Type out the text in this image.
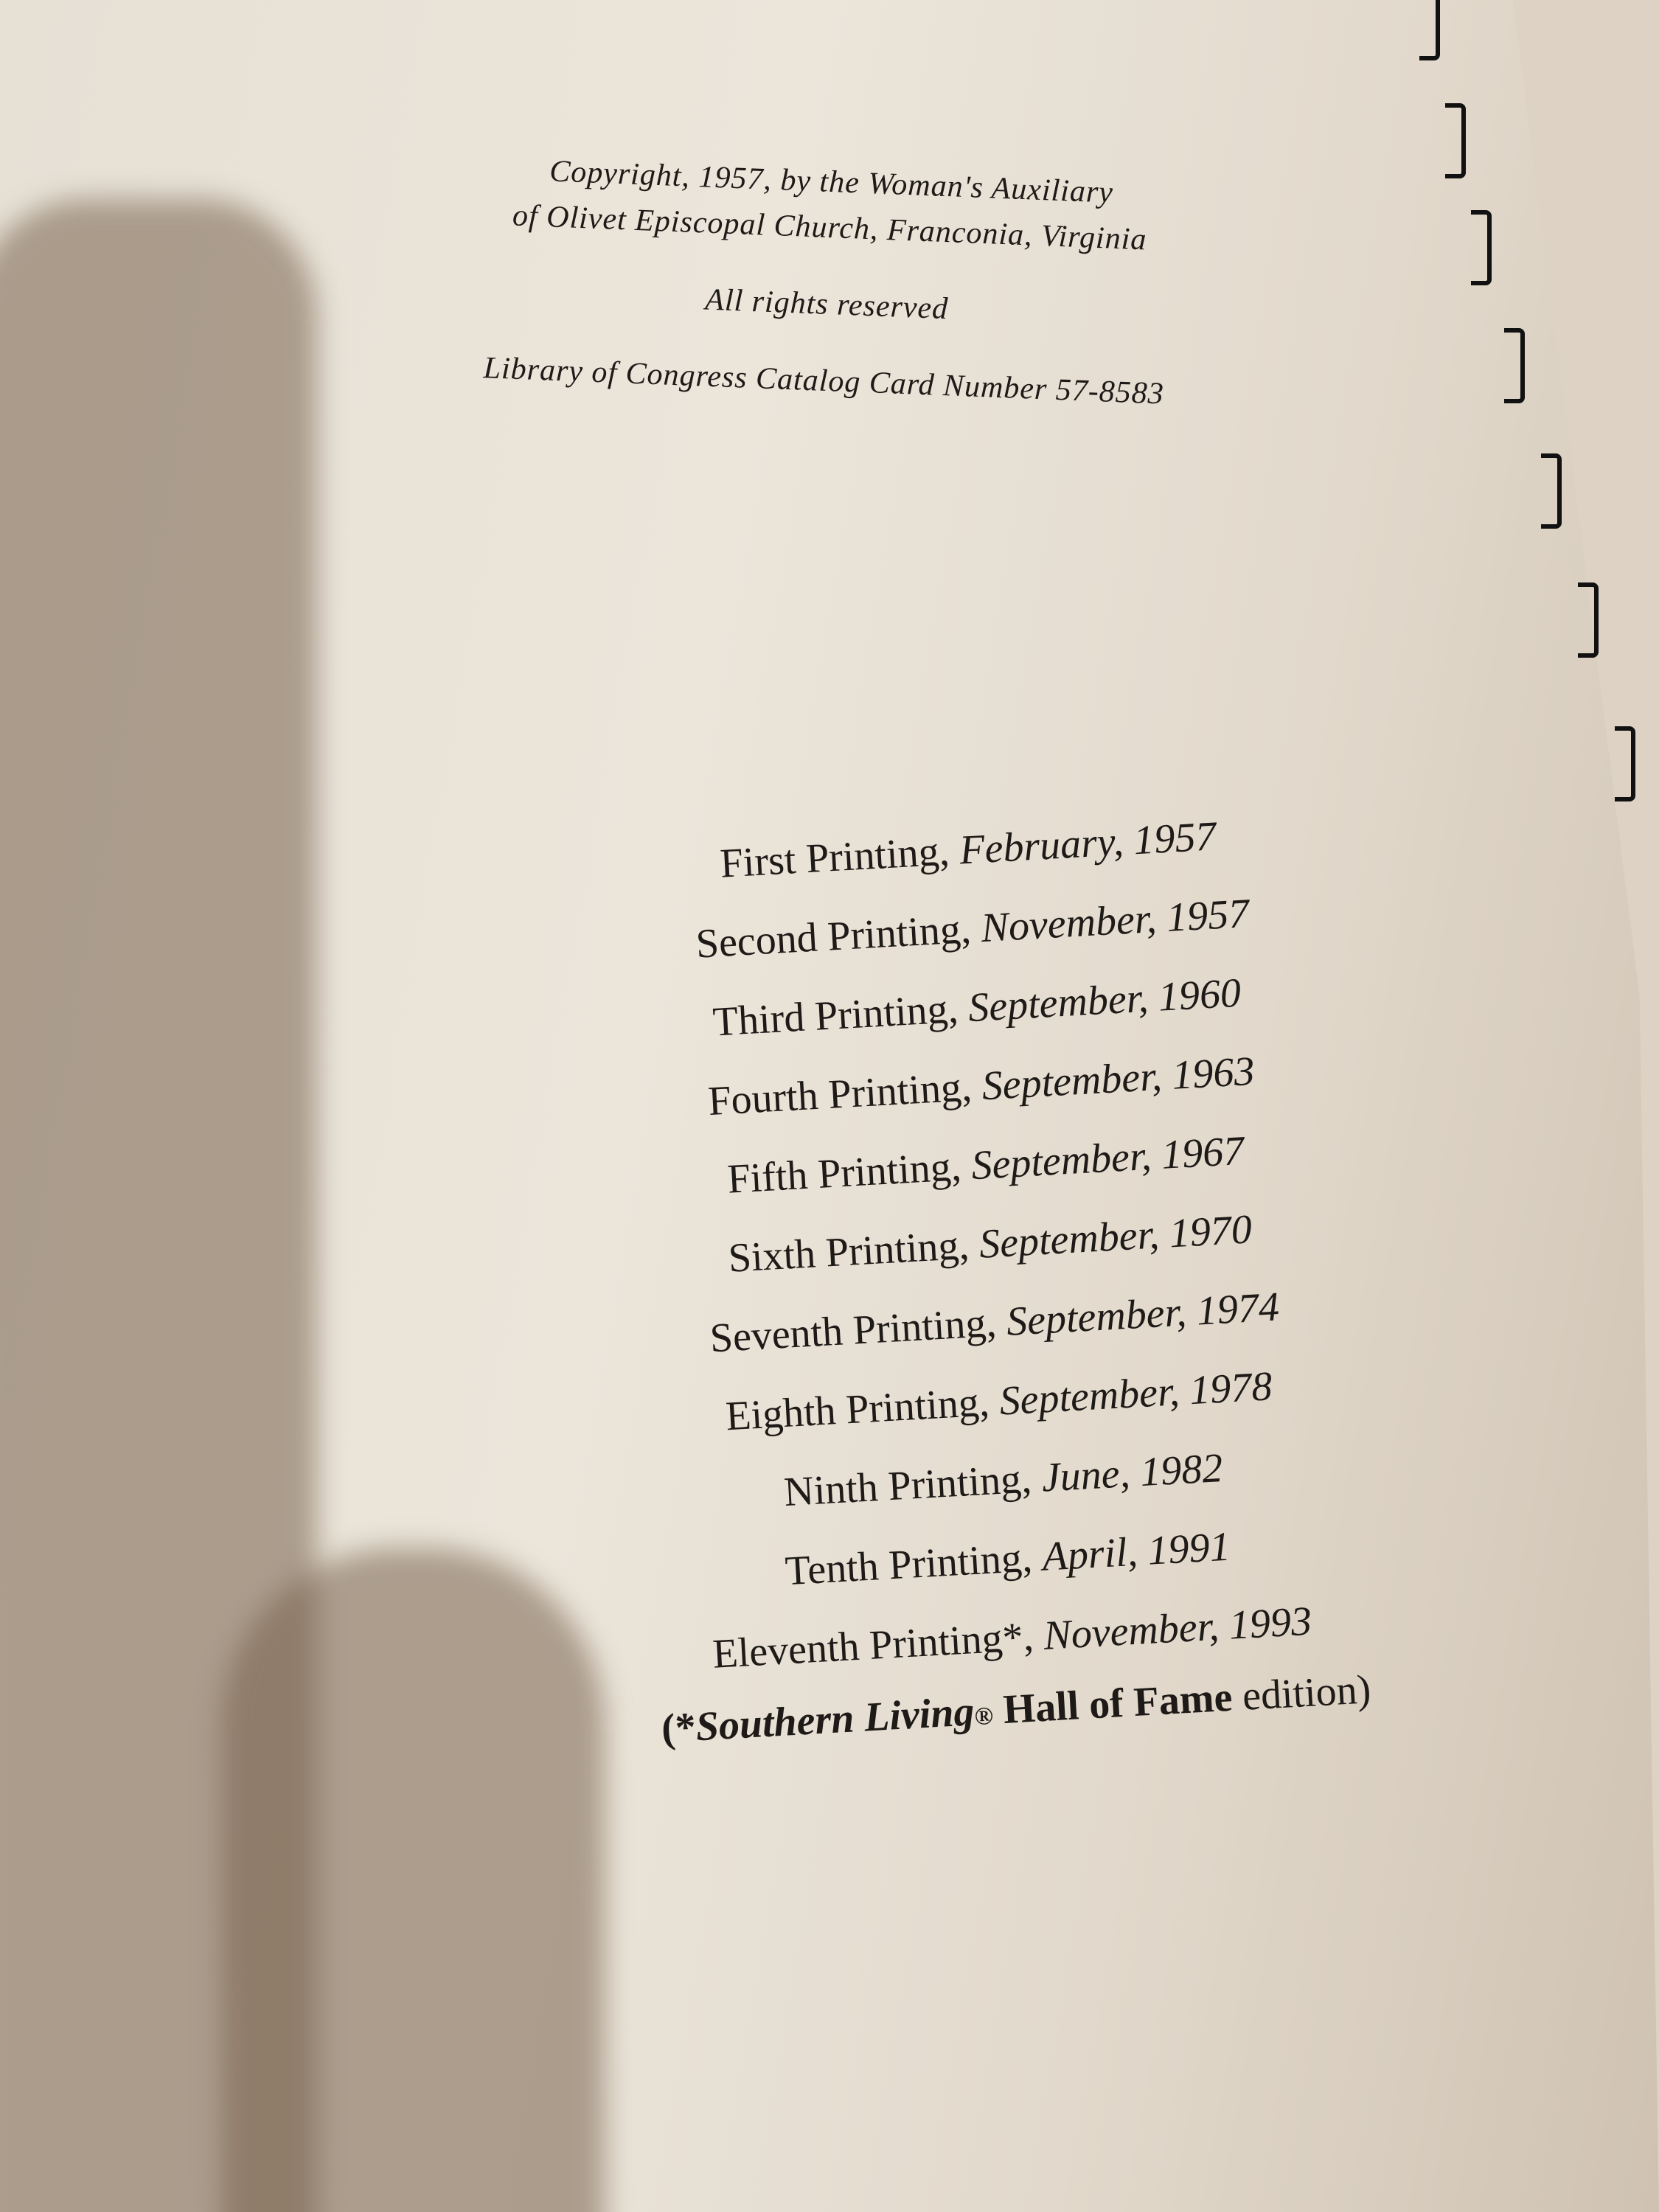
Copyright, 1957, by the Woman's Auxiliary
of Olivet Episcopal Church, Franconia, Virginia
All rights reserved
Library of Congress Catalog Card Number 57-8583
First Printing, February, 1957
Second Printing, November, 1957
Third Printing, September, 1960
Fourth Printing, September, 1963
Fifth Printing, September, 1967
Sixth Printing, September, 1970
Seventh Printing, September, 1974
Eighth Printing, September, 1978
Ninth Printing, June, 1982
Tenth Printing, April, 1991
Eleventh Printing*, November, 1993
(*Southern Living® Hall of Fame edition)
